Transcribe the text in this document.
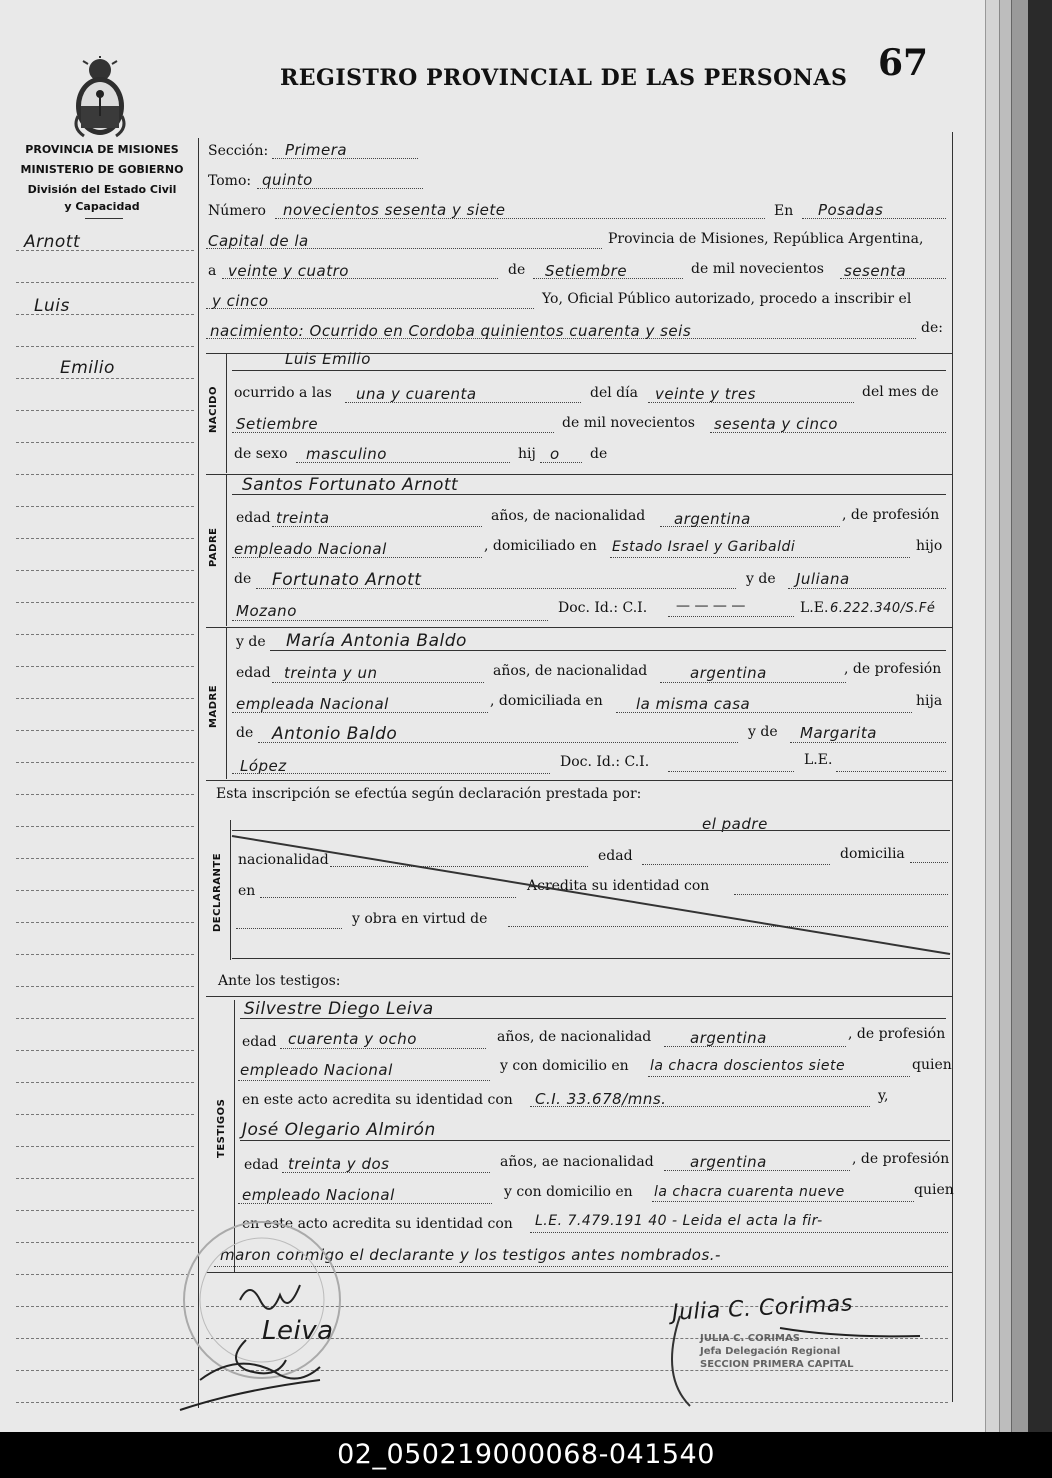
REGISTRO PROVINCIAL DE LAS PERSONAS 67
PROVINCIA DE MISIONES
MINISTERIO DE GOBIERNO
División del Estado Civil
y Capacidad
Arnott
Luis
Emilio
Sección: Primera
Tomo: quinto
Número novecientos sesenta y siete	En Posadas
Capital de la	Provincia de Misiones, República Argentina,
a veinte y cuatro	de Setiembre	de mil novecientos sesenta
y cinco	Yo, Oficial Público autorizado, procedo a inscribir el
nacimiento: Ocurrido en Cordoba quinientos cuarenta y seis	de:
NACIDO
Luis Emilio
ocurrido a las una y cuarenta	del día veinte y tres	del mes de
Setiembre	de mil novecientos sesenta y cinco
de sexo masculino	hij o de
PADRE
Santos Fortunato Arnott
edad treinta	años, de nacionalidad argentina	, de profesión
empleado Nacional	, domiciliado en Estado Israel y Garibaldi	hijo
de Fortunato Arnott	y de Juliana
Mozano	Doc. Id.: C.I. — — — —	L.E. 6.222.340/S.Fé
MADRE
y de María Antonia Baldo
edad treinta y un	años, de nacionalidad	argentina	, de profesión
empleada Nacional	, domiciliada en la misma casa	hija
de Antonio Baldo	y de Margarita
López	Doc. Id.: C.I.	L.E.
Esta inscripción se efectúa según declaración prestada por:
DECLARANTE
el padre
nacionalidad	edad	domicilia
en	Acredita su identidad con
y obra en virtud de
Ante los testigos:
TESTIGOS
Silvestre Diego Leiva
edad cuarenta y ocho	años, de nacionalidad	argentina	, de profesión
empleado Nacional	y con domicilio en la chacra doscientos siete	quien
en este acto acredita su identidad con C.I. 33.678/mns.	y,
José Olegario Almirón
edad treinta y dos	años, ae nacionalidad argentina	, de profesión
empleado Nacional	y con domicilio en la chacra cuarenta nueve	quien
en este acto acredita su identidad con L.E. 7.479.191 40 - Leida el acta la fir-
maron conmigo el declarante y los testigos antes nombrados.-
JULIA C. CORIMAS
Jefa Delegación Regional
SECCION PRIMERA CAPITAL
Julia C. Corimas
Leiva
02_050219000068-041540
